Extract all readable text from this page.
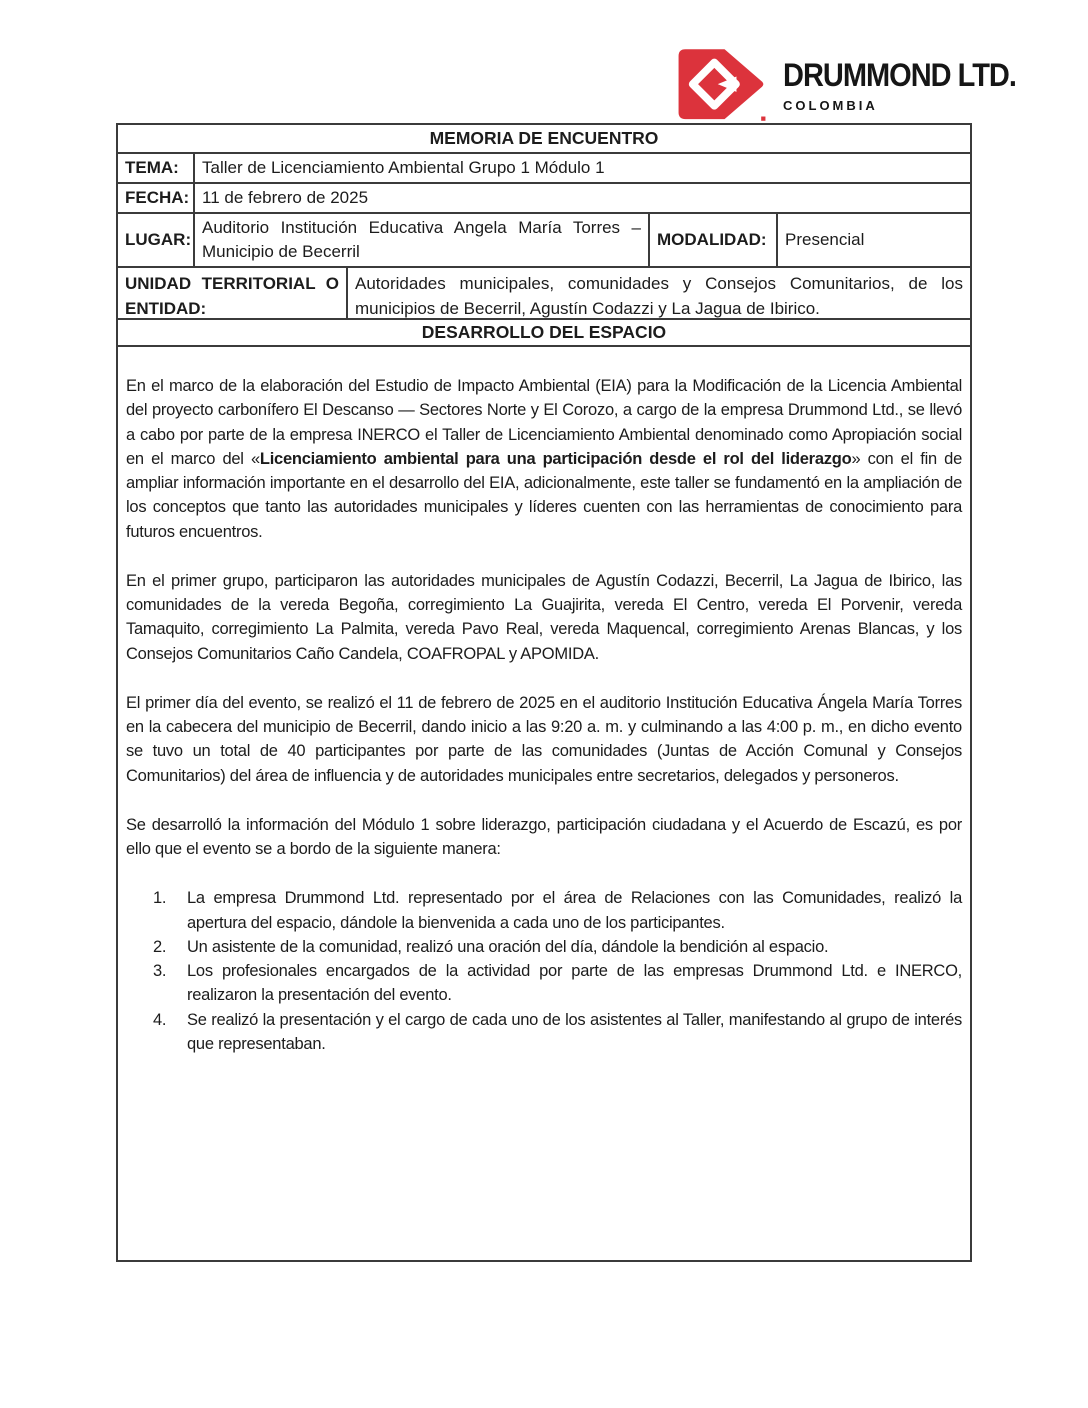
DRUMMOND LTD.
COLOMBIA
MEMORIA DE ENCUENTRO
TEMA:	Taller de Licenciamiento Ambiental Grupo 1 Módulo 1
FECHA: 11 de febrero de 2025
LUGAR:
Auditorio Institución Educativa Angela María Torres – Municipio de Becerril
MODALIDAD:	Presencial
UNIDAD TERRITORIAL O ENTIDAD:
Autoridades municipales, comunidades y Consejos Comunitarios, de los municipios de Becerril, Agustín Codazzi y La Jagua de Ibirico.
DESARROLLO DEL ESPACIO

En el marco de la elaboración del Estudio de Impacto Ambiental (EIA) para la Modificación de la Licencia Ambiental del proyecto carbonífero El Descanso — Sectores Norte y El Corozo, a cargo de la empresa Drummond Ltd., se llevó a cabo por parte de la empresa INERCO el Taller de Licenciamiento Ambiental denominado como Apropiación social en el marco del «Licenciamiento ambiental para una participación desde el rol del liderazgo» con el fin de ampliar información importante en el desarrollo del EIA, adicionalmente, este taller se fundamentó en la ampliación de los conceptos que tanto las autoridades municipales y líderes cuenten con las herramientas de conocimiento para futuros encuentros.

En el primer grupo, participaron las autoridades municipales de Agustín Codazzi, Becerril, La Jagua de Ibirico, las comunidades de la vereda Begoña, corregimiento La Guajirita, vereda El Centro, vereda El Porvenir, vereda Tamaquito, corregimiento La Palmita, vereda Pavo Real, vereda Maquencal, corregimiento Arenas Blancas, y los Consejos Comunitarios Caño Candela, COAFROPAL y APOMIDA.

El primer día del evento, se realizó el 11 de febrero de 2025 en el auditorio Institución Educativa Ángela María Torres en la cabecera del municipio de Becerril, dando inicio a las 9:20 a. m. y culminando a las 4:00 p. m., en dicho evento se tuvo un total de 40 participantes por parte de las comunidades (Juntas de Acción Comunal y Consejos Comunitarios) del área de influencia y de autoridades municipales entre secretarios, delegados y personeros.

Se desarrolló la información del Módulo 1 sobre liderazgo, participación ciudadana y el Acuerdo de Escazú, es por ello que el evento se a bordo de la siguiente manera:

1.	La empresa Drummond Ltd. representado por el área de Relaciones con las Comunidades, realizó la apertura del espacio, dándole la bienvenida a cada uno de los participantes.
2.	Un asistente de la comunidad, realizó una oración del día, dándole la bendición al espacio.
3.	Los profesionales encargados de la actividad por parte de las empresas Drummond Ltd. e INERCO, realizaron la presentación del evento.
4.	Se realizó la presentación y el cargo de cada uno de los asistentes al Taller, manifestando al grupo de interés que representaban.
